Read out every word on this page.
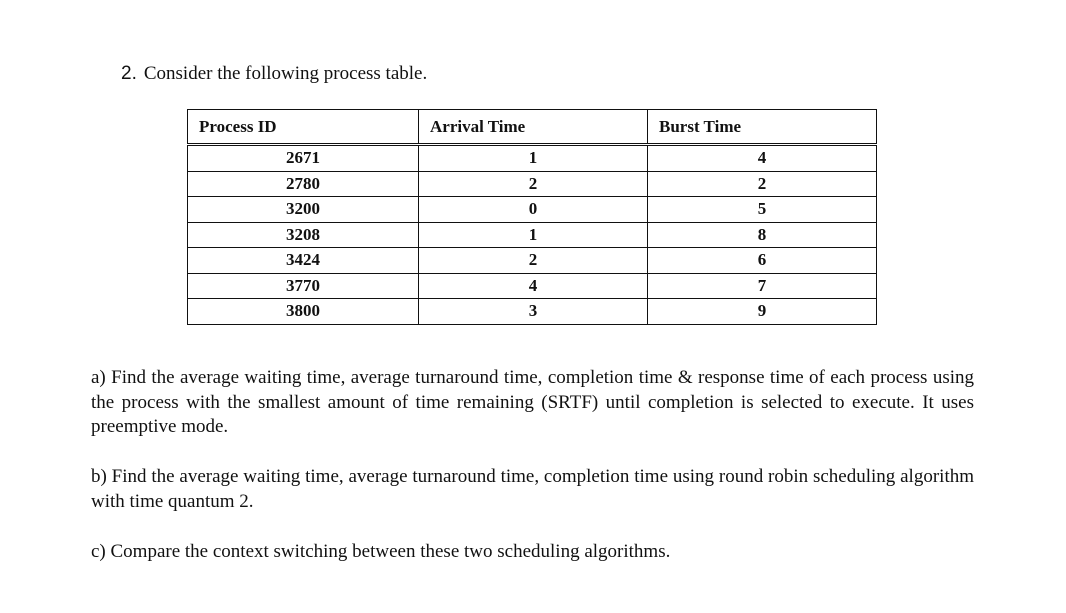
2. Consider the following process table.
Process ID	Arrival Time	Burst Time
2671	1	4
2780	2	2
3200	0	5
3208	1	8
3424	2	6
3770	4	7
3800	3	9
a) Find the average waiting time, average turnaround time, completion time & response time of each process using the process with the smallest amount of time remaining (SRTF) until completion is selected to execute. It uses preemptive mode.
b) Find the average waiting time, average turnaround time, completion time using round robin scheduling algorithm with time quantum 2.
c) Compare the context switching between these two scheduling algorithms.
